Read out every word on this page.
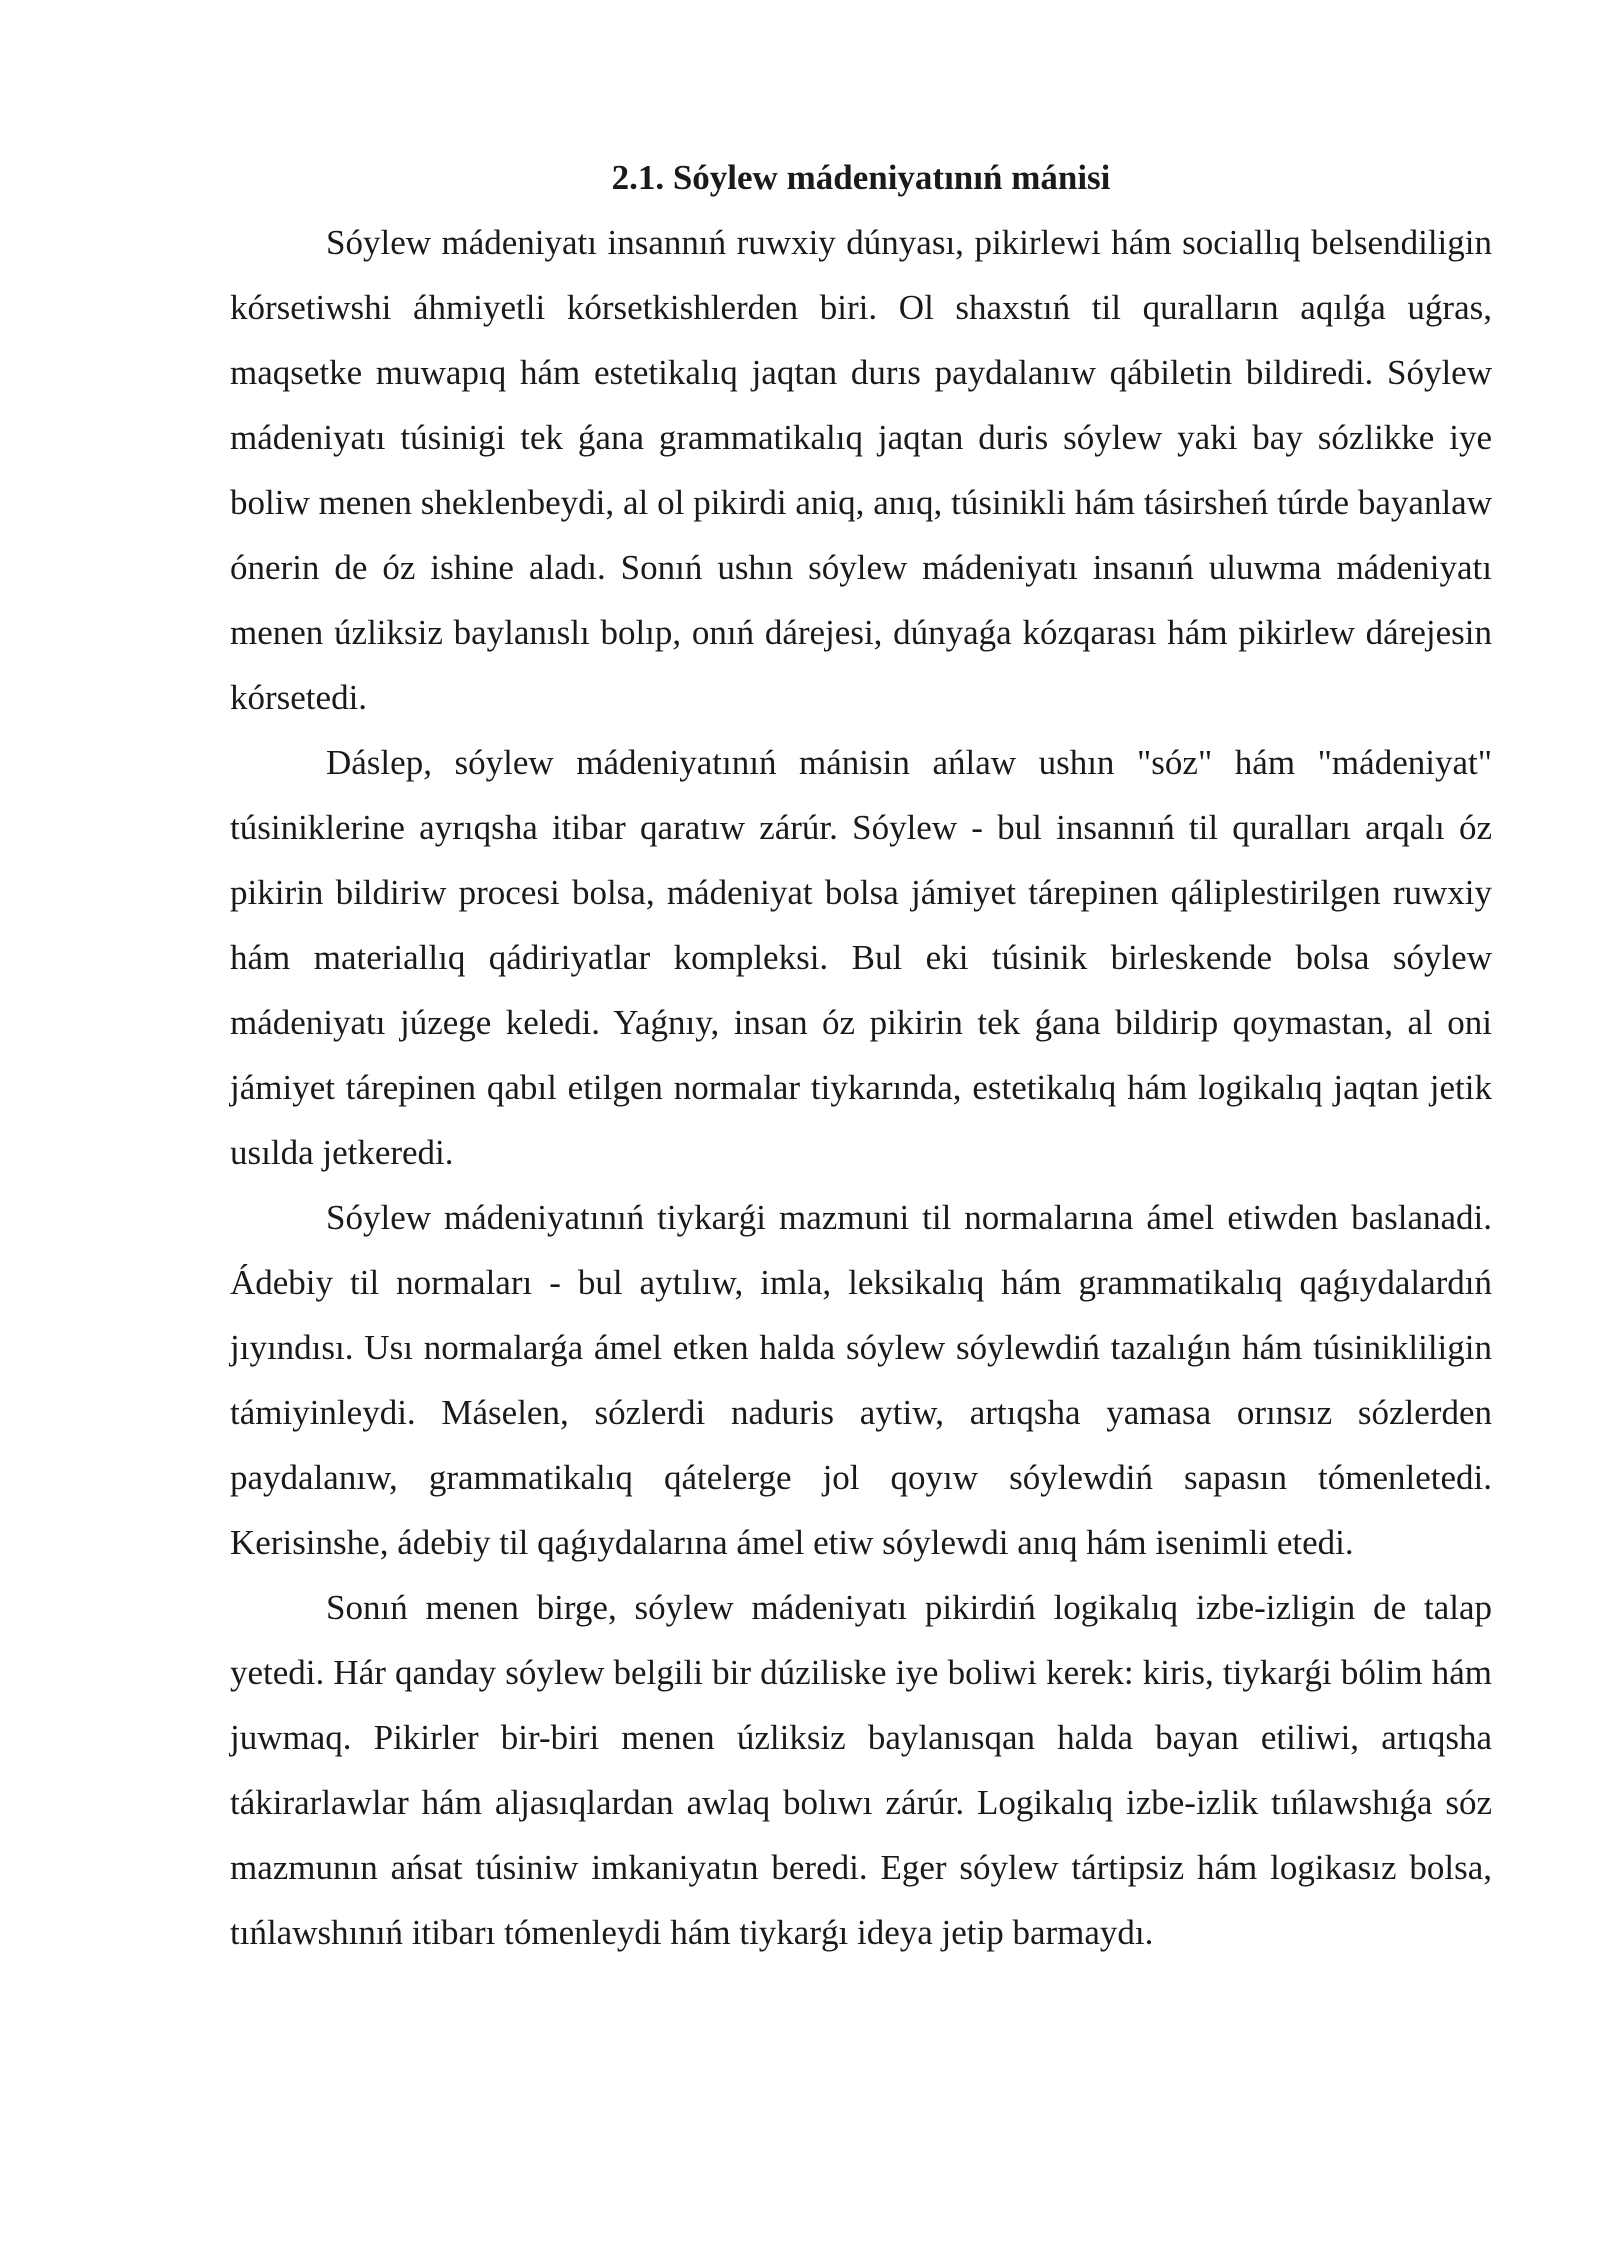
2.1. Sóylew mádeniyatınıń mánisi

Sóylew mádeniyatı insannıń ruwxiy dúnyası, pikirlewi hám sociallıq belsendiligin kórsetiwshi áhmiyetli kórsetkishlerden biri. Ol shaxstıń til quralların aqılǵa uǵras, maqsetke muwapıq hám estetikalıq jaqtan durıs paydalanıw qábiletin bildiredi. Sóylew mádeniyatı túsinigi tek ǵana grammatikalıq jaqtan duris sóylew yaki bay sózlikke iye boliw menen sheklenbeydi, al ol pikirdi aniq, anıq, túsinikli hám tásirsheń túrde bayanlaw ónerin de óz ishine aladı. Sonıń ushın sóylew mádeniyatı insanıń uluwma mádeniyatı menen úzliksiz baylanıslı bolıp, onıń dárejesi, dúnyaǵa kózqarası hám pikirlew dárejesin kórsetedi.

Dáslep, sóylew mádeniyatınıń mánisin ańlaw ushın "sóz" hám "mádeniyat" túsiniklerine ayrıqsha itibar qaratıw zárúr. Sóylew - bul insannıń til quralları arqalı óz pikirin bildiriw procesi bolsa, mádeniyat bolsa jámiyet tárepinen qáliplestirilgen ruwxiy hám materiallıq qádiriyatlar kompleksi. Bul eki túsinik birleskende bolsa sóylew mádeniyatı júzege keledi. Yaǵnıy, insan óz pikirin tek ǵana bildirip qoymastan, al oni jámiyet tárepinen qabıl etilgen normalar tiykarında, estetikalıq hám logikalıq jaqtan jetik usılda jetkeredi.

Sóylew mádeniyatınıń tiykarǵi mazmuni til normalarına ámel etiwden baslanadi. Ádebiy til normaları - bul aytılıw, imla, leksikalıq hám grammatikalıq qaǵıydalardıń jıyındısı. Usı normalarǵa ámel etken halda sóylew sóylewdiń tazalıǵın hám túsinikliligin támiyinleydi. Máselen, sózlerdi naduris aytiw, artıqsha yamasa orınsız sózlerden paydalanıw, grammatikalıq qátelerge jol qoyıw sóylewdiń sapasın tómenletedi. Kerisinshe, ádebiy til qaǵıydalarına ámel etiw sóylewdi anıq hám isenimli etedi.

Sonıń menen birge, sóylew mádeniyatı pikirdiń logikalıq izbe-izligin de talap yetedi. Hár qanday sóylew belgili bir dúziliske iye boliwi kerek: kiris, tiykarǵi bólim hám juwmaq. Pikirler bir-biri menen úzliksiz baylanısqan halda bayan etiliwi, artıqsha tákirarlawlar hám aljasıqlardan awlaq bolıwı zárúr. Logikalıq izbe-izlik tıńlawshıǵa sóz mazmunın ańsat túsiniw imkaniyatın beredi. Eger sóylew tártipsiz hám logikasız bolsa, tıńlawshınıń itibarı tómenleydi hám tiykarǵı ideya jetip barmaydı.
